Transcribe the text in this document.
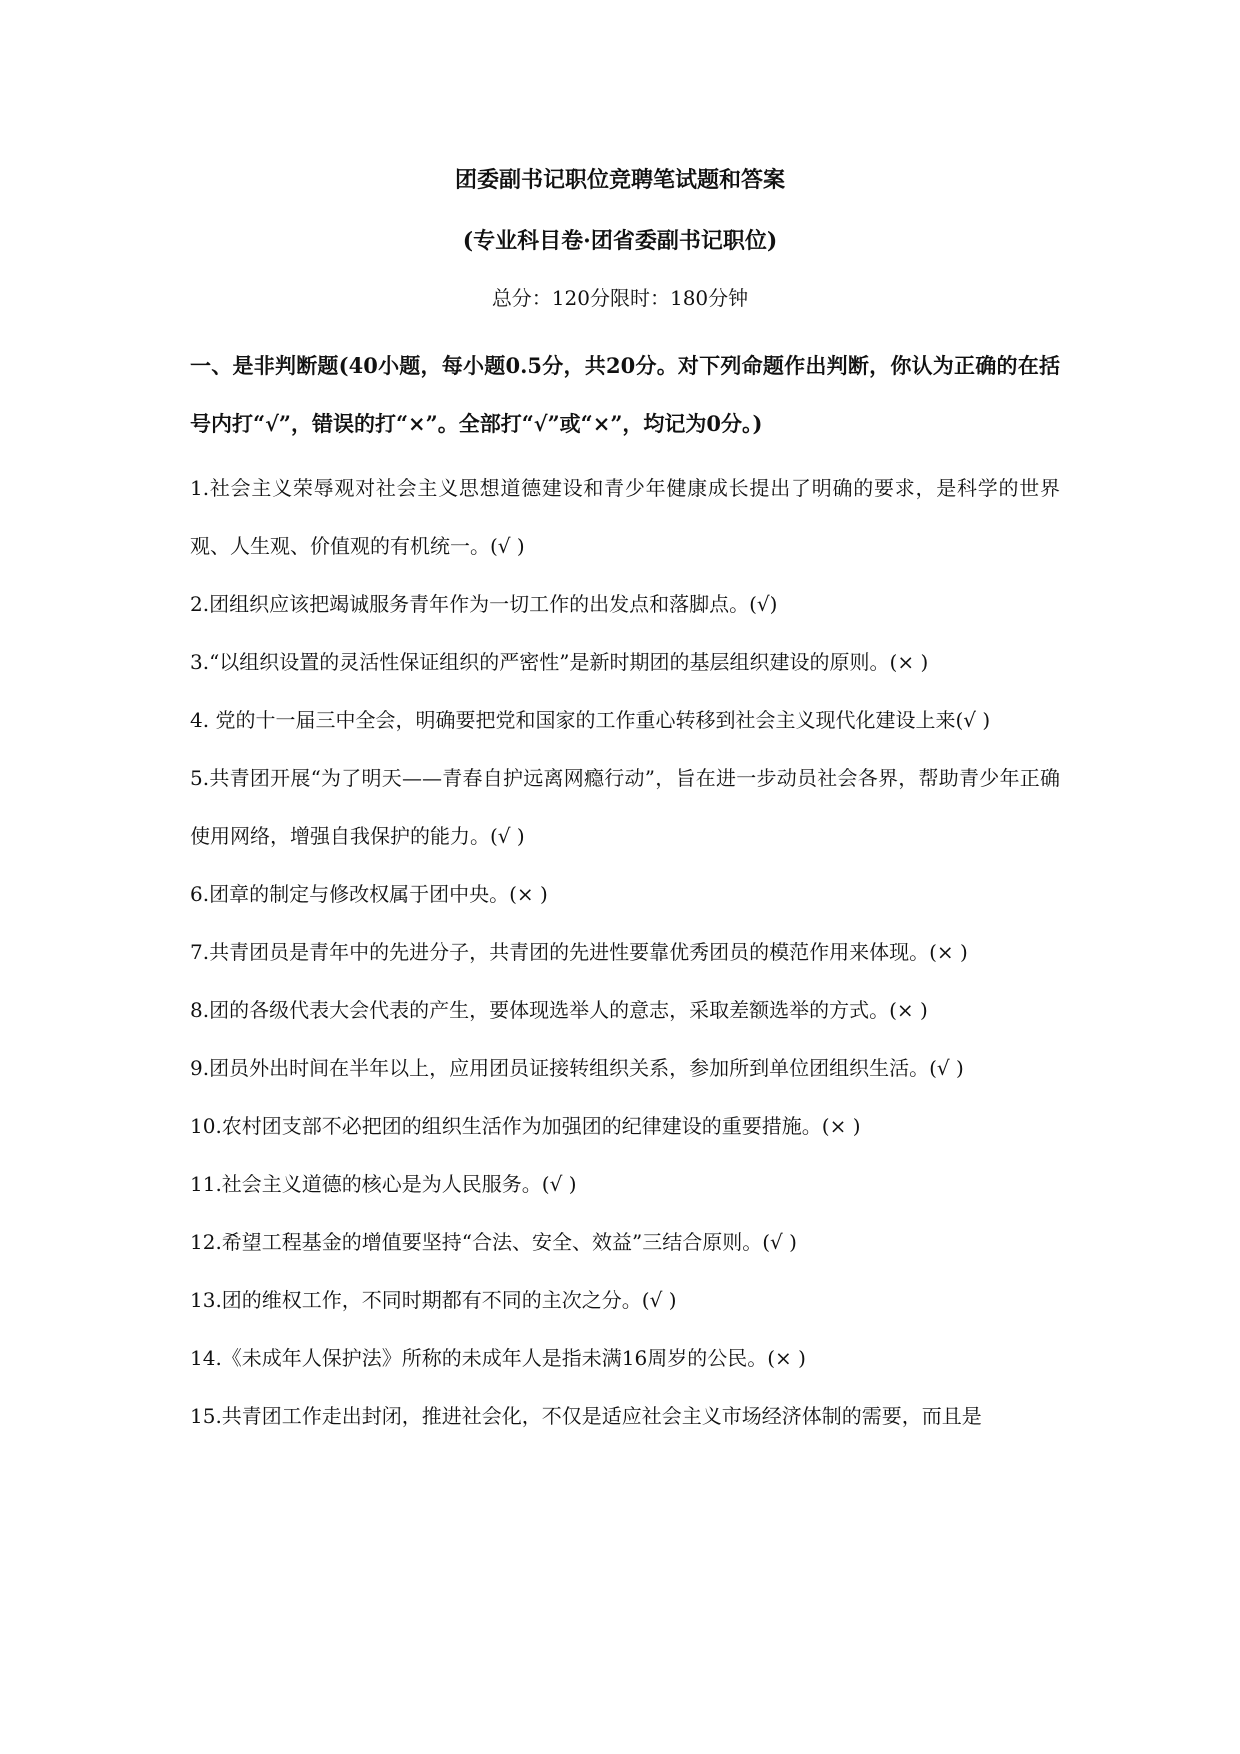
团委副书记职位竞聘笔试题和答案
(专业科目卷·团省委副书记职位)
总分：120分限时：180分钟
一、是非判断题(40小题，每小题0.5分，共20分。对下列命题作出判断，你认为正确的在括号内打“√”，错误的打“×”。全部打“√”或“×”，均记为0分。)

1.社会主义荣辱观对社会主义思想道德建设和青少年健康成长提出了明确的要求，是科学的世界观、人生观、价值观的有机统一。(√ )

2.团组织应该把竭诚服务青年作为一切工作的出发点和落脚点。(√)

3.“以组织设置的灵活性保证组织的严密性”是新时期团的基层组织建设的原则。(× )

4. 党的十一届三中全会，明确要把党和国家的工作重心转移到社会主义现代化建设上来(√ )

5.共青团开展“为了明天——青春自护远离网瘾行动”，旨在进一步动员社会各界，帮助青少年正确使用网络，增强自我保护的能力。(√ )

6.团章的制定与修改权属于团中央。(× )

7.共青团员是青年中的先进分子，共青团的先进性要靠优秀团员的模范作用来体现。(× )

8.团的各级代表大会代表的产生，要体现选举人的意志，采取差额选举的方式。(× )

9.团员外出时间在半年以上，应用团员证接转组织关系，参加所到单位团组织生活。(√ )

10.农村团支部不必把团的组织生活作为加强团的纪律建设的重要措施。(× )

11.社会主义道德的核心是为人民服务。(√ )

12.希望工程基金的增值要坚持“合法、安全、效益”三结合原则。(√ )

13.团的维权工作，不同时期都有不同的主次之分。(√ )

14.《未成年人保护法》所称的未成年人是指未满16周岁的公民。(× )

15.共青团工作走出封闭，推进社会化，不仅是适应社会主义市场经济体制的需要，而且是
